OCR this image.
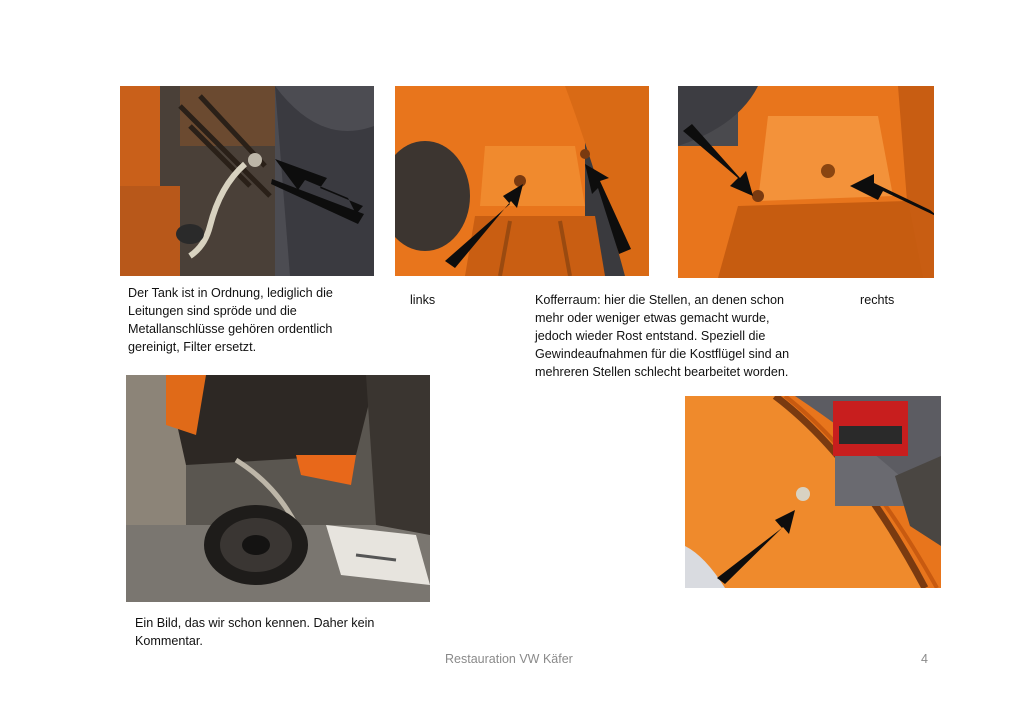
Der Tank ist in Ordnung, lediglich die Leitungen sind spröde und die Metallanschlüsse gehören ordentlich gereinigt, Filter ersetzt.
links	Kofferraum: hier die Stellen, an denen schon mehr oder weniger etwas gemacht wurde, jedoch wieder Rost entstand. Speziell die Gewindeaufnahmen für die Kostflügel sind an mehreren Stellen schlecht bearbeitet worden.
rechts
Ein Bild, das wir schon kennen. Daher kein Kommentar.
Restauration VW Käfer	4
